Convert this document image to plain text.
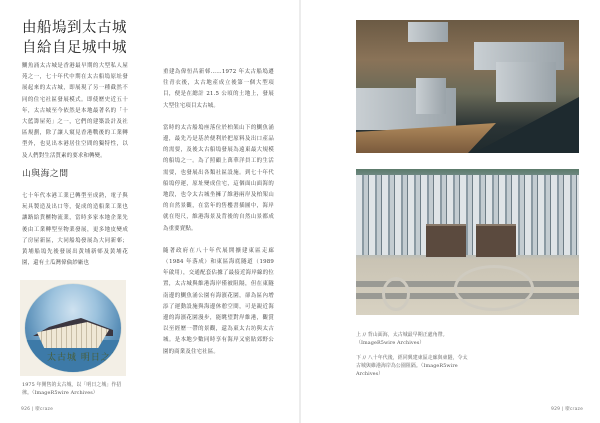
由船塢到太古城
自給自足城中城
鰂魚涌太古城是香港最早期的大型私人屋苑之一，七十年代中期在太古船塢原址發展起來的太古城，即展現了另一種截然不同的住宅社區發展模式。即使歷史近五十年，太古城至今依然是本地最著名的「十大藍籌屋苑」之一，它們的建築設計及社區規劃，除了讓人窺見香港戰後的工業轉型外，也見出本港居住空間的獨特性，以及人們對生活質素的要求和轉變。
山與海之間
七十年代本港工業已轉型至成熟，電子與玩具製造及出口等，促成的造船業工業也讓路給貨櫃物流業，當時多家本地企業先後由工業轉型至物業發展，更多地皮變成了房屋新區，大同船塢發展為大同新邨；黃埔船塢先後發展出黃埔新邨及黃埔花園，還有土瓜灣偉倫紗廠也
太古城 明日之城
1975 年開售的太古城，以「明日之城」作招徠。（ImageR5wire Archives）
926 | 㗎craze
重建為偉恒昌新邨……1972 年太古船塢遷往青衣後，太古地產成立後第一個大型項目，便是在總計 21.5 公頃的土地上，發展大型住宅項目太古城。
當時的太古船塢座落位於柏架山下的鰂魚涌邊，最先乃是基於便利於把原料及出口產品的需要，及後太古船塢發展為遠東最大規模的船塢之一。為了照顧上萬華洋員工的生活需要，也發展出各類社區設施。到七十年代船塢停運，原址變成住宅，這個面山面海的地段，也令太古城坐擁了維港兩岸及柏架山的自然景觀，在當年的售樓書插圖中，海岸就在咫尺，維港海景及背後的自然山景都成為重要賣點。
隨著政府在八十年代展開擴建東區走廊（1984 年落成）和東區海底隧道（1989 年啟用），交通配套佔據了最接近海岸線的位置，太古城與維港海岸僅被阻隔，但在東隧南邊的鰂魚涌公園有海濱花園，卻為區內增添了運動設施與海邊休憩空間，可是親近海邊的海濱花園漫步，能眺望對岸維港，觀賞以至經歷一帶的景觀，還為東太古坊與太古城。是本地少數同時享有海岸又密貼郊野公園的商業及住宅社區。
上 // 背山面海，太古城最早期正處角帶。（ImageR5wire Archives）
下 // 八十年代後，經同興建東區走廊與東隧，令太古城與維港海岸為公園阻隔。（ImageR5wire Archives）
929 | 㗎craze
